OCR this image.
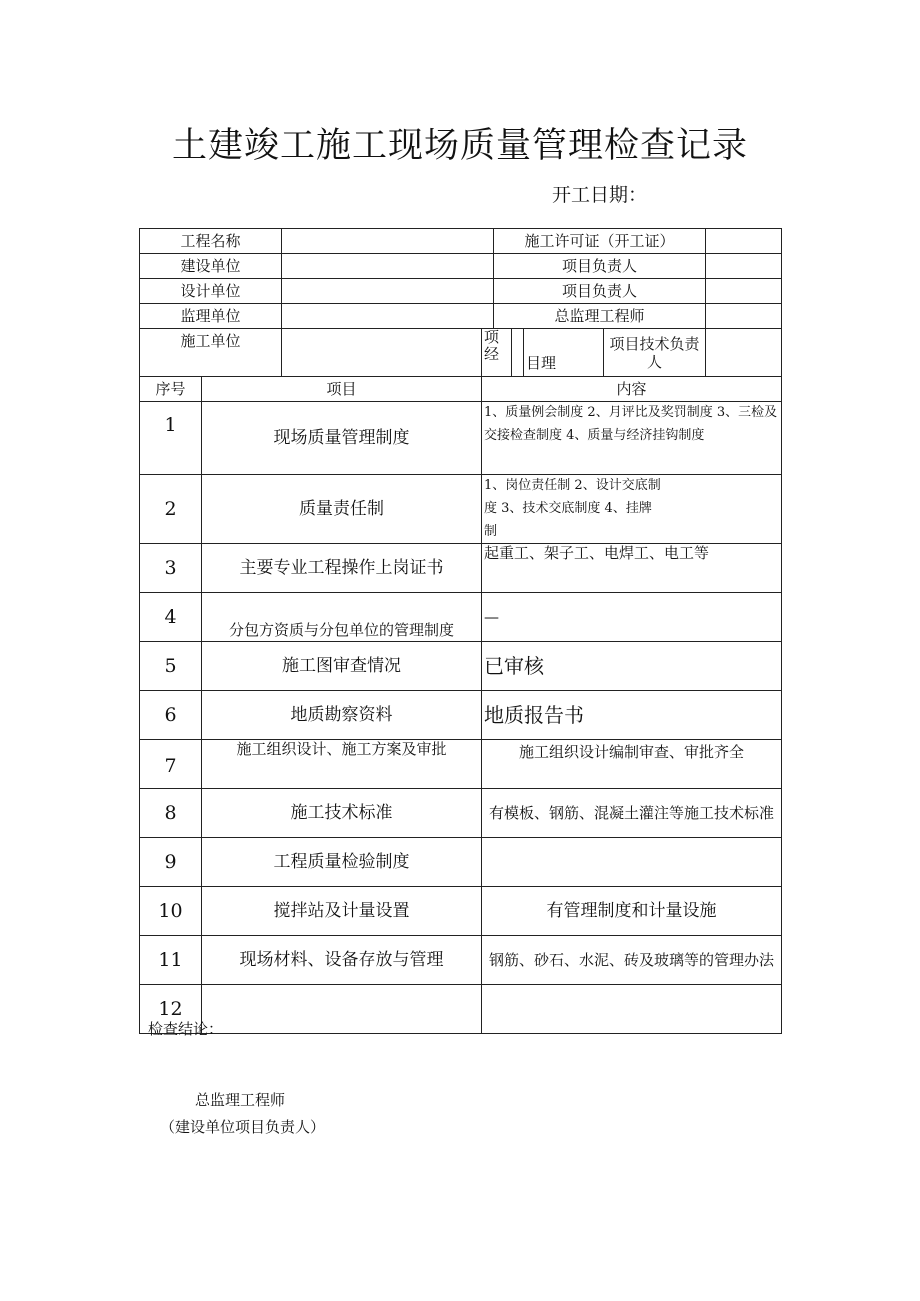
土建竣工施工现场质量管理检查记录
开工日期：
工程名称				施工许可证（开工证）				
建设单位				项目负责人				
设计单位				项目负责人				
监理单位				总监理工程师				
施工单位			项经			目理	项目技术负责人	
序号	项目		内容					
1	现场质量管理制度		1、质量例会制度 2、月评比及奖罚制度 3、三检及交接检查制度 4、质量与经济挂钩制度					
2	质量责任制		1、岗位责任制 2、设计交底制度 3、技术交底制度 4、挂牌制					
3	主要专业工程操作上岗证书		起重工、架子工、电焊工、电工等					
4	分包方资质与分包单位的管理制度		—					
5	施工图审查情况		已审核					
6	地质勘察资料		地质报告书					
7	施工组织设计、施工方案及审批		施工组织设计编制审查、审批齐全					
8	施工技术标准		有模板、钢筋、混凝土灌注等施工技术标准					
9	工程质量检验制度							
10	搅拌站及计量设置		有管理制度和计量设施					
11	现场材料、设备存放与管理		钢筋、砂石、水泥、砖及玻璃等的管理办法					
12								
检查结论：
总监理工程师
（建设单位项目负责人）
